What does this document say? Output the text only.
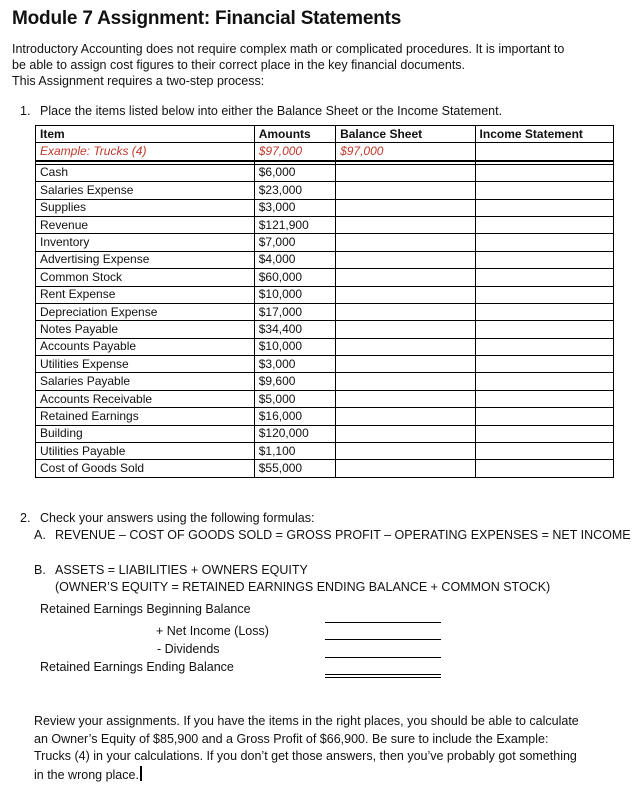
Module 7 Assignment: Financial Statements
Introductory Accounting does not require complex math or complicated procedures. It is important to
be able to assign cost figures to their correct place in the key financial documents.
This Assignment requires a two-step process:
1. Place the items listed below into either the Balance Sheet or the Income Statement.
Item	Amounts	Balance Sheet	Income Statement
Example: Trucks (4)	$97,000	$97,000	

Cash	$6,000		
Salaries Expense	$23,000		
Supplies	$3,000		
Revenue	$121,900		
Inventory	$7,000		
Advertising Expense	$4,000		
Common Stock	$60,000		
Rent Expense	$10,000		
Depreciation Expense	$17,000		
Notes Payable	$34,400		
Accounts Payable	$10,000		
Utilities Expense	$3,000		
Salaries Payable	$9,600		
Accounts Receivable	$5,000		
Retained Earnings	$16,000		
Building	$120,000		
Utilities Payable	$1,100		
Cost of Goods Sold	$55,000		
2. Check your answers using the following formulas:
A. REVENUE – COST OF GOODS SOLD = GROSS PROFIT – OPERATING EXPENSES = NET INCOME
B. ASSETS = LIABILITIES + OWNERS EQUITY
(OWNER’S EQUITY = RETAINED EARNINGS ENDING BALANCE + COMMON STOCK)
Retained Earnings Beginning Balance
+ Net Income (Loss)
- Dividends
Retained Earnings Ending Balance
Review your assignments. If you have the items in the right places, you should be able to calculate
an Owner’s Equity of $85,900 and a Gross Profit of $66,900. Be sure to include the Example:
Trucks (4) in your calculations. If you don’t get those answers, then you’ve probably got something
in the wrong place.
